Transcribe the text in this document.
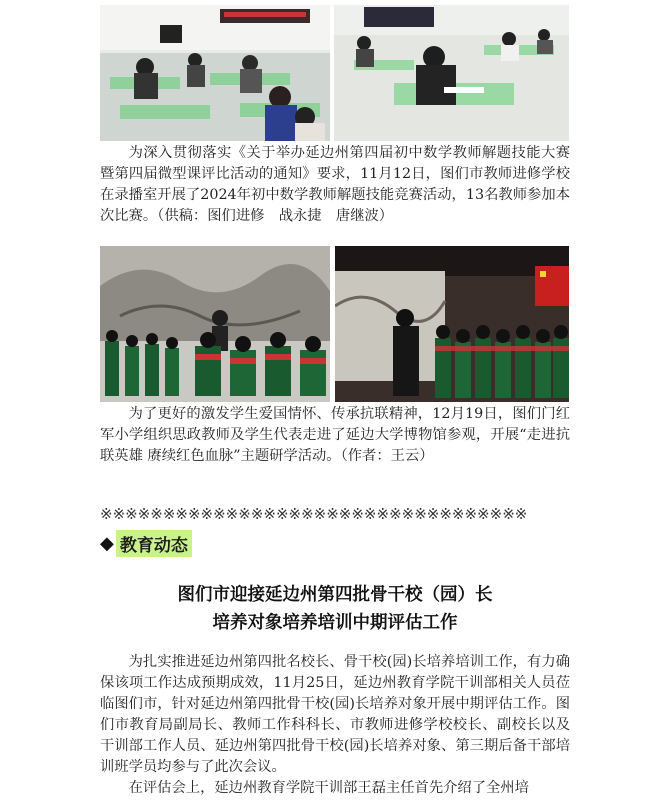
为深入贯彻落实《关于举办延边州第四届初中数学教师解题技能大赛暨第四届微型课评比活动的通知》要求，11月12日，图们市教师进修学校在录播室开展了2024年初中数学教师解题技能竞赛活动，13名教师参加本次比赛。（供稿：图们进修　战永捷　唐继波）

为了更好的激发学生爱国情怀、传承抗联精神，12月19日，图们门红军小学组织思政教师及学生代表走进了延边大学博物馆参观，开展“走进抗联英雄 赓续红色血脉”主题研学活动。（作者：王云）

※※※※※※※※※※※※※※※※※※※※※※※※※※※※※※※※※※
◆ 教育动态

图们市迎接延边州第四批骨干校（园）长

培养对象培养培训中期评估工作

为扎实推进延边州第四批名校长、骨干校(园)长培养培训工作，有力确保该项工作达成预期成效，11月25日，延边州教育学院干训部相关人员莅临图们市，针对延边州第四批骨干校(园)长培养对象开展中期评估工作。图们市教育局副局长、教师工作科科长、市教师进修学校校长、副校长以及干训部工作人员、延边州第四批骨干校(园)长培养对象、第三期后备干部培训班学员均参与了此次会议。

在评估会上，延边州教育学院干训部王磊主任首先介绍了全州培
